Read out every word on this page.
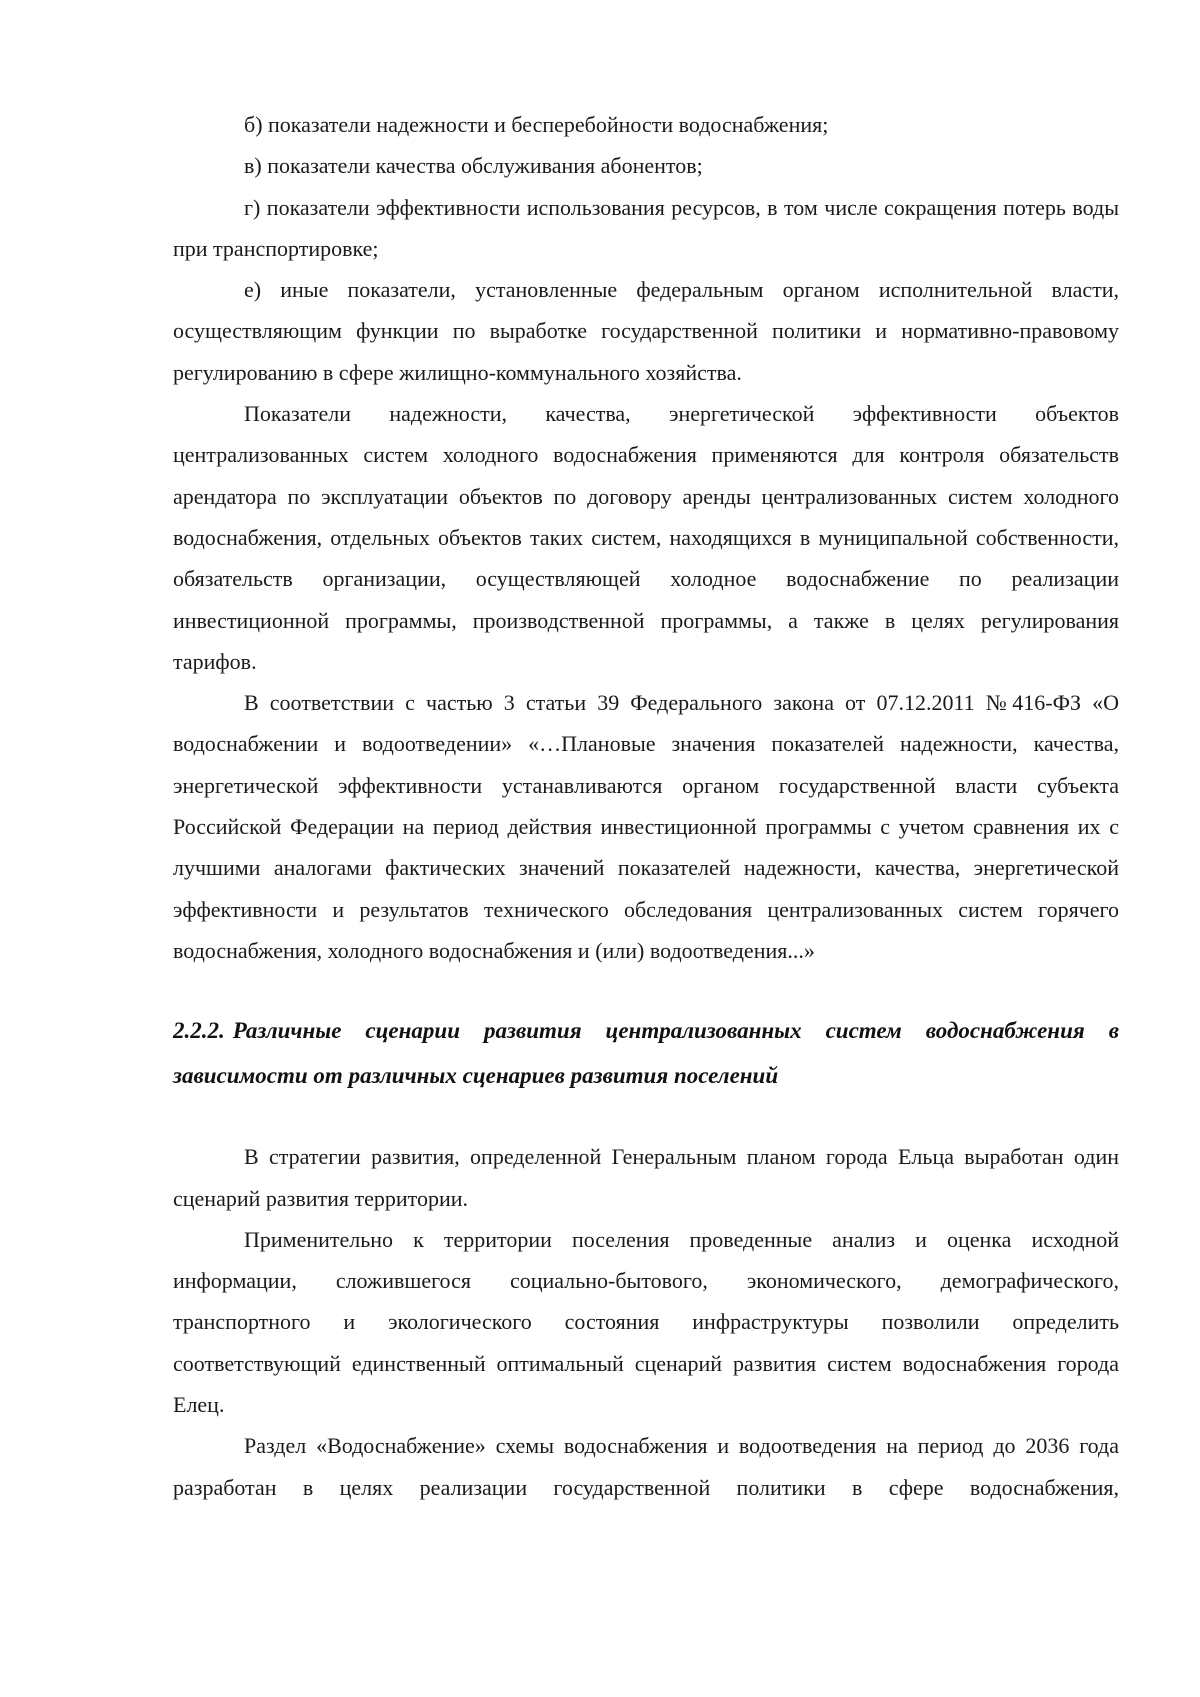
б) показатели надежности и бесперебойности водоснабжения;

в) показатели качества обслуживания абонентов;

г) показатели эффективности использования ресурсов, в том числе сокращения потерь воды при транспортировке;

е) иные показатели, установленные федеральным органом исполнительной власти, осуществляющим функции по выработке государственной политики и нормативно-правовому регулированию в сфере жилищно-коммунального хозяйства.

Показатели надежности, качества, энергетической эффективности объектов централизованных систем холодного водоснабжения применяются для контроля обязательств арендатора по эксплуатации объектов по договору аренды централизованных систем холодного водоснабжения, отдельных объектов таких систем, находящихся в муниципальной собственности, обязательств организации, осуществляющей холодное водоснабжение по реализации инвестиционной программы, производственной программы, а также в целях регулирования тарифов.

В соответствии с частью 3 статьи 39 Федерального закона от 07.12.2011 №416-ФЗ «О водоснабжении и водоотведении» «…Плановые значения показателей надежности, качества, энергетической эффективности устанавливаются органом государственной власти субъекта Российской Федерации на период действия инвестиционной программы с учетом сравнения их с лучшими аналогами фактических значений показателей надежности, качества, энергетической эффективности и результатов технического обследования централизованных систем горячего водоснабжения, холодного водоснабжения и (или) водоотведения...»

2.2.2. Различные сценарии развития централизованных систем водоснабжения в зависимости от различных сценариев развития поселений

В стратегии развития, определенной Генеральным планом города Ельца выработан один сценарий развития территории.

Применительно к территории поселения проведенные анализ и оценка исходной информации, сложившегося социально-бытового, экономического, демографического, транспортного и экологического состояния инфраструктуры позволили определить соответствующий единственный оптимальный сценарий развития систем водоснабжения города Елец.

Раздел «Водоснабжение» схемы водоснабжения и водоотведения на период до 2036 года разработан в целях реализации государственной политики в сфере водоснабжения,
